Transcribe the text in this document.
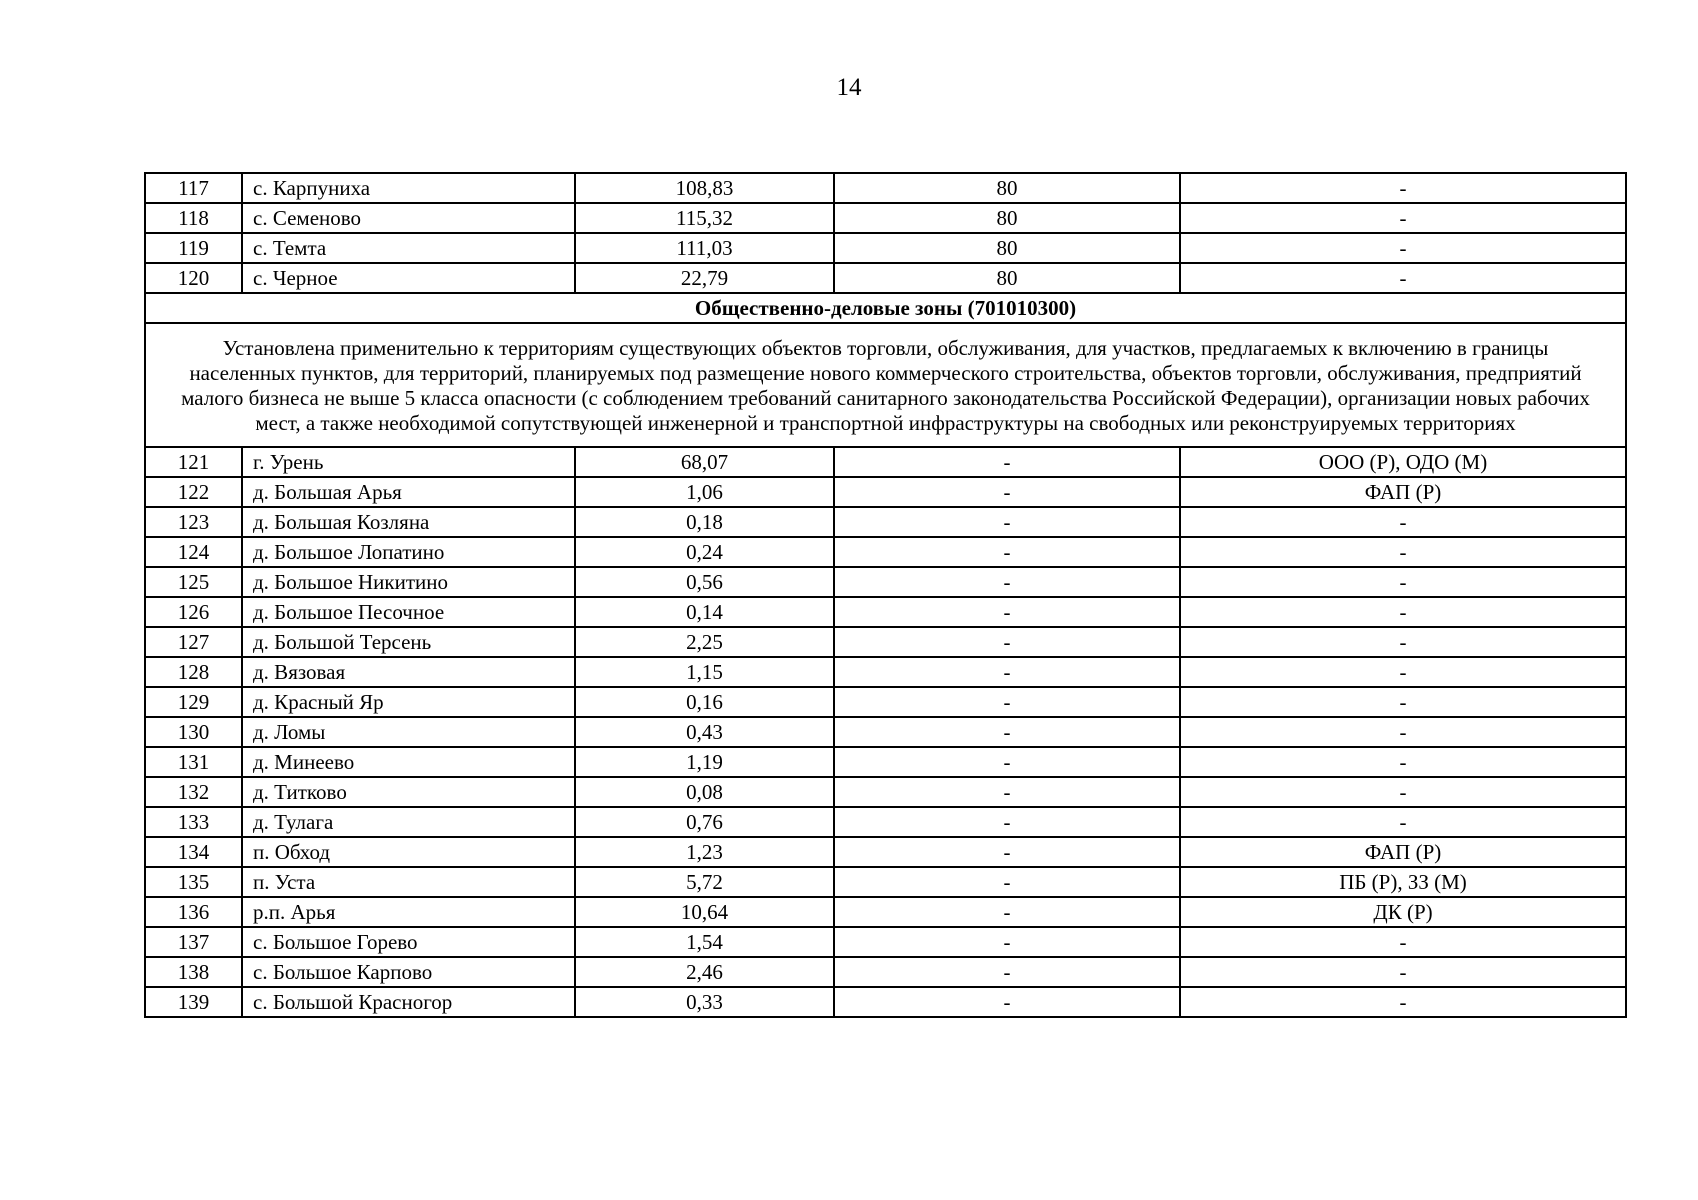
14
117	с. Карпуниха	108,83	80	-
118	с. Семеново	115,32	80	-
119	с. Темта	111,03	80	-
120	с. Черное	22,79	80	-
Общественно-деловые зоны (701010300)				
Установлена применительно к территориям существующих объектов торговли, обслуживания, для участков, предлагаемых к включению в границы населенных пунктов, для территорий, планируемых под размещение нового коммерческого строительства, объектов торговли, обслуживания, предприятий малого бизнеса не выше 5 класса опасности (с соблюдением требований санитарного законодательства Российской Федерации), организации новых рабочих мест, а также необходимой сопутствующей инженерной и транспортной инфраструктуры на свободных или реконструируемых территориях				
121	г. Урень	68,07	-	ООО (Р), ОДО (М)
122	д. Большая Арья	1,06	-	ФАП (Р)
123	д. Большая Козляна	0,18	-	-
124	д. Большое Лопатино	0,24	-	-
125	д. Большое Никитино	0,56	-	-
126	д. Большое Песочное	0,14	-	-
127	д. Большой Терсень	2,25	-	-
128	д. Вязовая	1,15	-	-
129	д. Красный Яр	0,16	-	-
130	д. Ломы	0,43	-	-
131	д. Минеево	1,19	-	-
132	д. Титково	0,08	-	-
133	д. Тулага	0,76	-	-
134	п. Обход	1,23	-	ФАП (Р)
135	п. Уста	5,72	-	ПБ (Р), ЗЗ (М)
136	р.п. Арья	10,64	-	ДК (Р)
137	с. Большое Горево	1,54	-	-
138	с. Большое Карпово	2,46	-	-
139	с. Большой Красногор	0,33	-	-
